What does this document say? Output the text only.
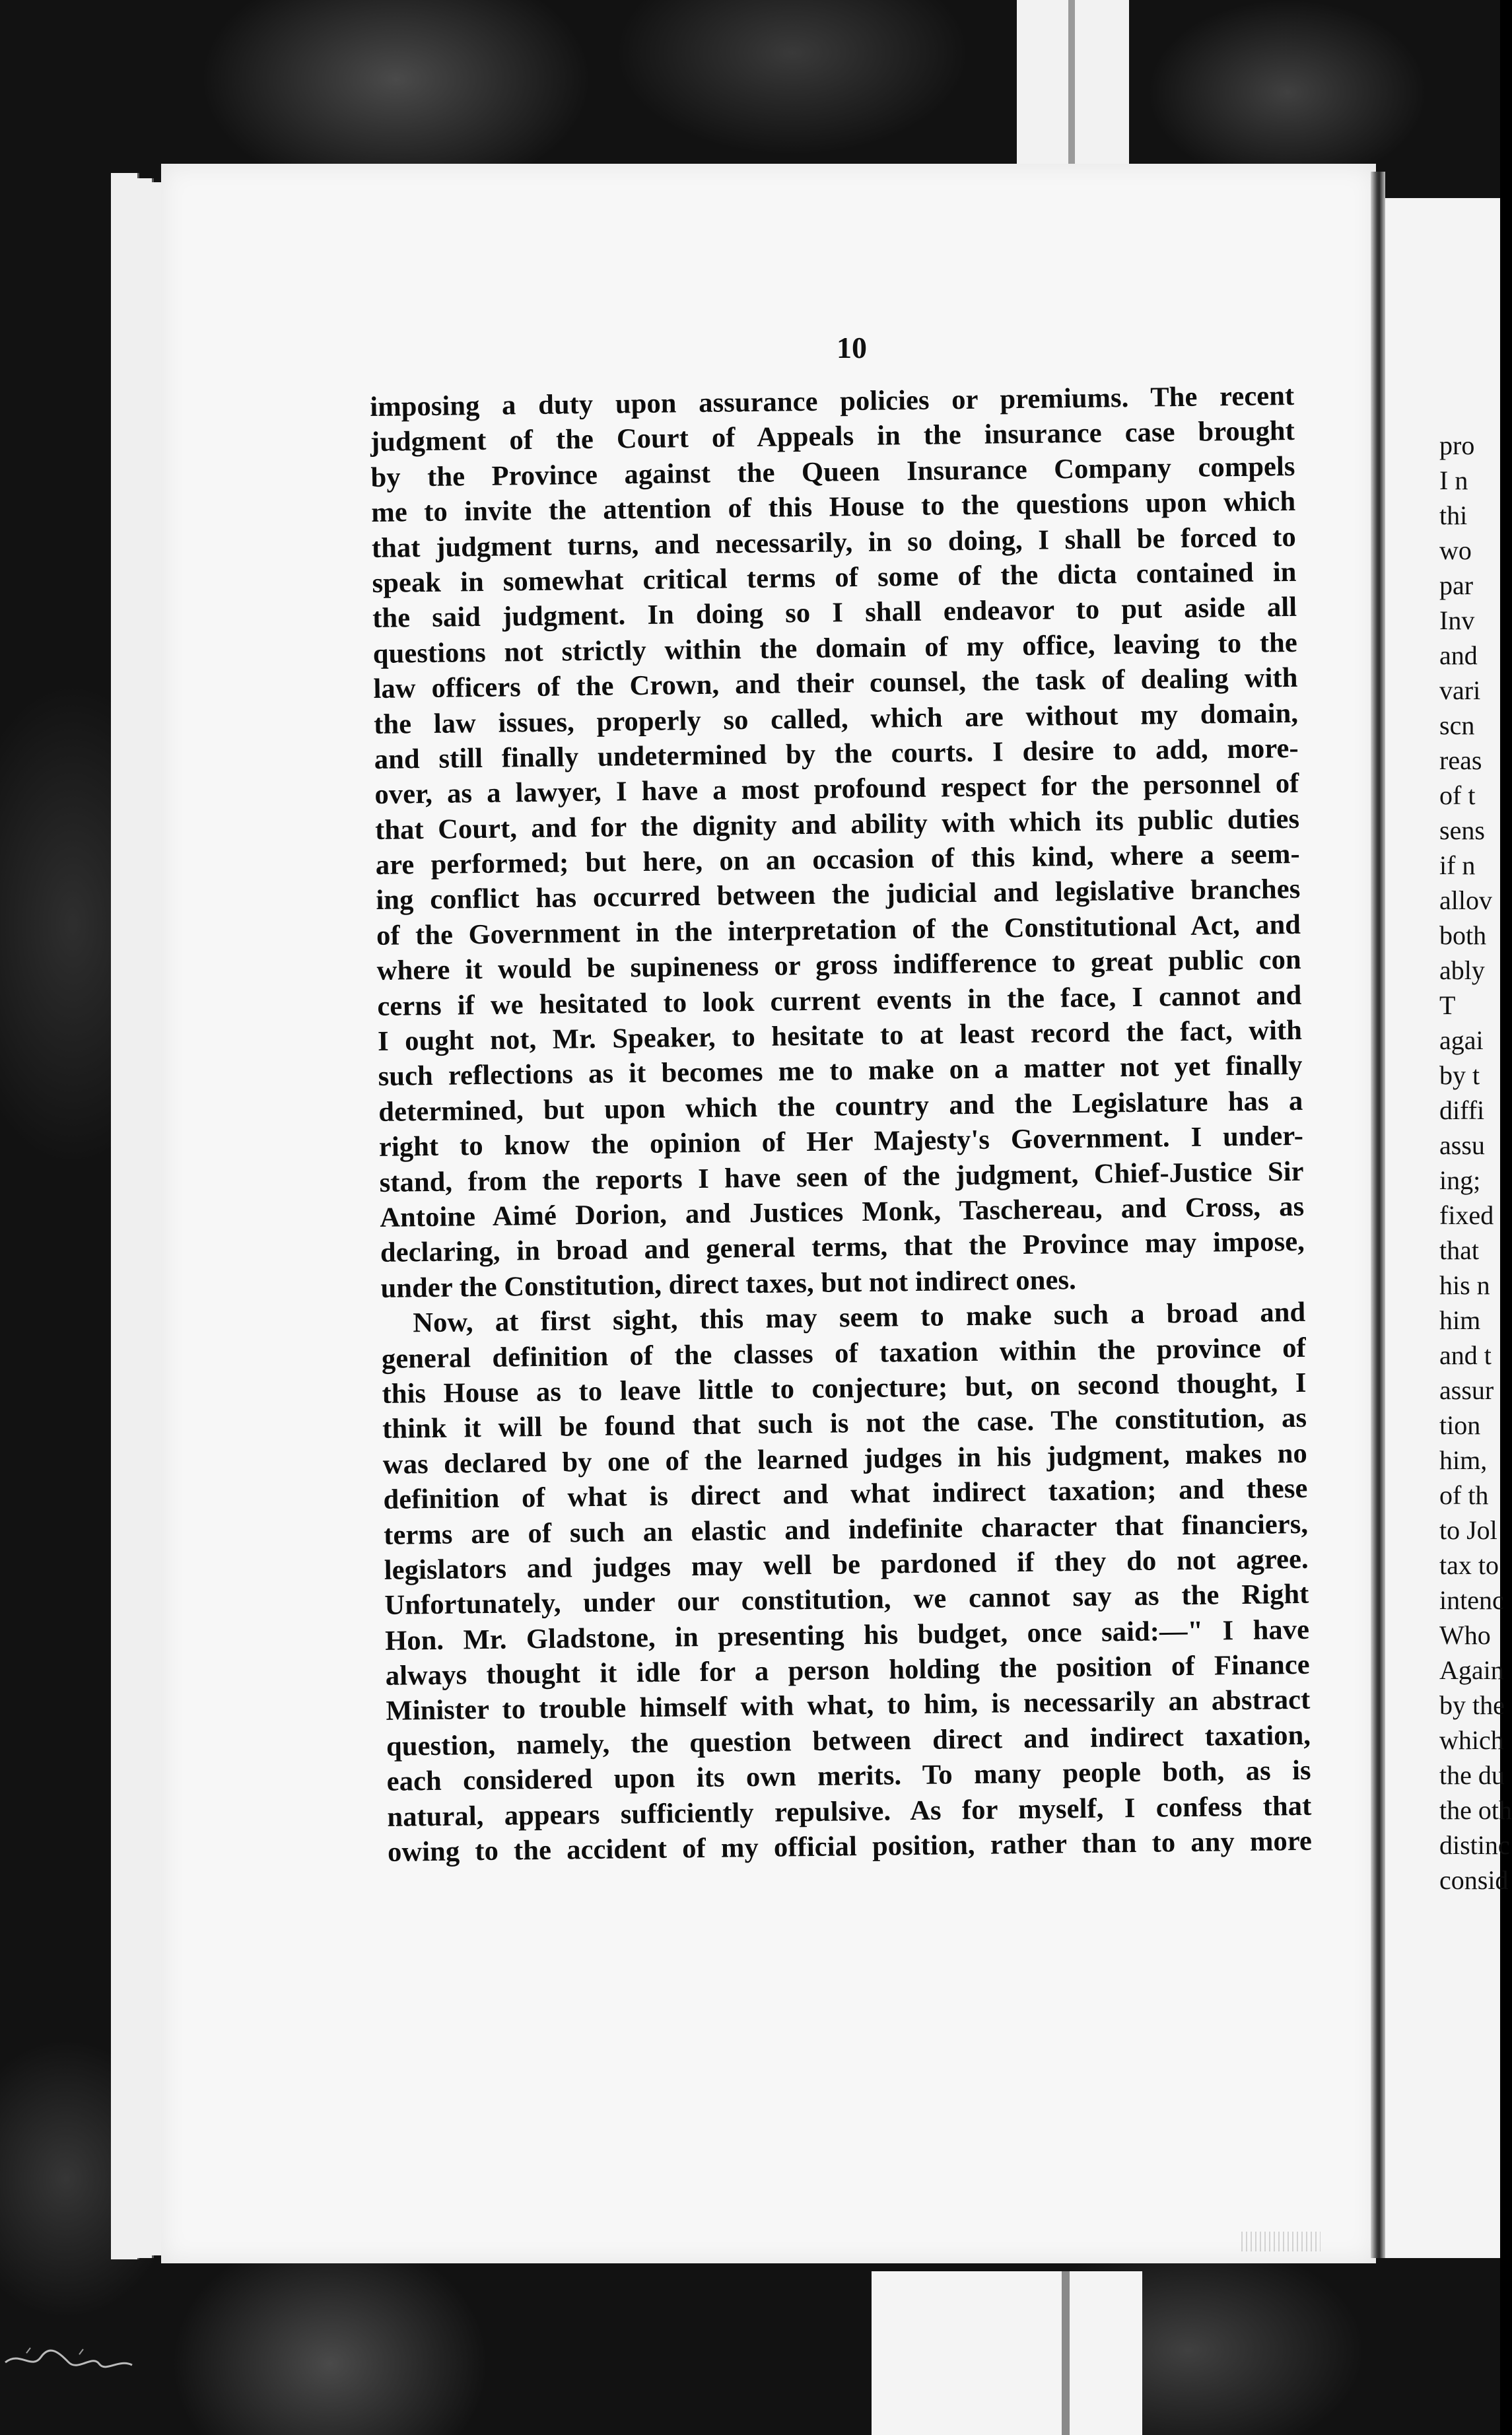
10
imposing a duty upon assurance policies or premiums. The recent
judgment of the Court of Appeals in the insurance case brought
by the Province against the Queen Insurance Company compels
me to invite the attention of this House to the questions upon which
that judgment turns, and necessarily, in so doing, I shall be forced to
speak in somewhat critical terms of some of the dicta contained in
the said judgment. In doing so I shall endeavor to put aside all
questions not strictly within the domain of my office, leaving to the
law officers of the Crown, and their counsel, the task of dealing with
the law issues, properly so called, which are without my domain,
and still finally undetermined by the courts. I desire to add, more-
over, as a lawyer, I have a most profound respect for the personnel of
that Court, and for the dignity and ability with which its public duties
are performed; but here, on an occasion of this kind, where a seem-
ing conflict has occurred between the judicial and legislative branches
of the Government in the interpretation of the Constitutional Act, and
where it would be supineness or gross indifference to great public con
cerns if we hesitated to look current events in the face, I cannot and
I ought not, Mr. Speaker, to hesitate to at least record the fact, with
such reflections as it becomes me to make on a matter not yet finally
determined, but upon which the country and the Legislature has a
right to know the opinion of Her Majesty's Government. I under-
stand, from the reports I have seen of the judgment, Chief-Justice Sir
Antoine Aimé Dorion, and Justices Monk, Taschereau, and Cross, as
declaring, in broad and general terms, that the Province may impose,
under the Constitution, direct taxes, but not indirect ones.
Now, at first sight, this may seem to make such a broad and
general definition of the classes of taxation within the province of
this House as to leave little to conjecture; but, on second thought, I
think it will be found that such is not the case. The constitution, as
was declared by one of the learned judges in his judgment, makes no
definition of what is direct and what indirect taxation; and these
terms are of such an elastic and indefinite character that financiers,
legislators and judges may well be pardoned if they do not agree.
Unfortunately, under our constitution, we cannot say as the Right
Hon. Mr. Gladstone, in presenting his budget, once said:—" I have
always thought it idle for a person holding the position of Finance
Minister to trouble himself with what, to him, is necessarily an abstract
question, namely, the question between direct and indirect taxation,
each considered upon its own merits. To many people both, as is
natural, appears sufficiently repulsive. As for myself, I confess that
owing to the accident of my official position, rather than to any more
pro
I n
thi
wo
par
Inv
and
vari
scn
reas
of t
sens
if n
allov
both
ably
T
agai
by t
diffi
assu
ing;
fixed
that
his n
him
and t
assur
tion
him,
of th
to Jol
tax to
intenc
Who
Again
by the
which
the du
the oth
distinc
consid
